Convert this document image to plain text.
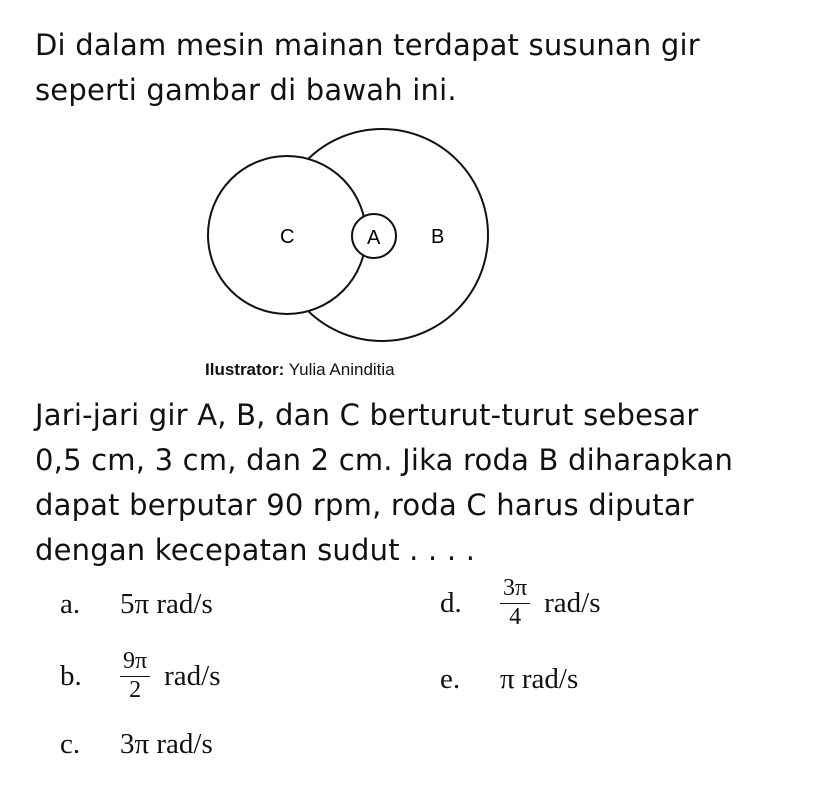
Di dalam mesin mainan terdapat susunan gir
seperti gambar di bawah ini.
C	A	B
Ilustrator: Yulia Aninditia
Jari-jari gir A, B, dan C berturut-turut sebesar
0,5 cm, 3 cm, dan 2 cm. Jika roda B diharapkan
dapat berputar 90 rpm, roda C harus diputar
dengan kecepatan sudut . . . .
a.	5π rad/s
b.	$\frac{9\pi}{2} rad/s$
c.	3π rad/s
d.	$\frac{3\pi}{4} rad/s$
e.	π rad/s
